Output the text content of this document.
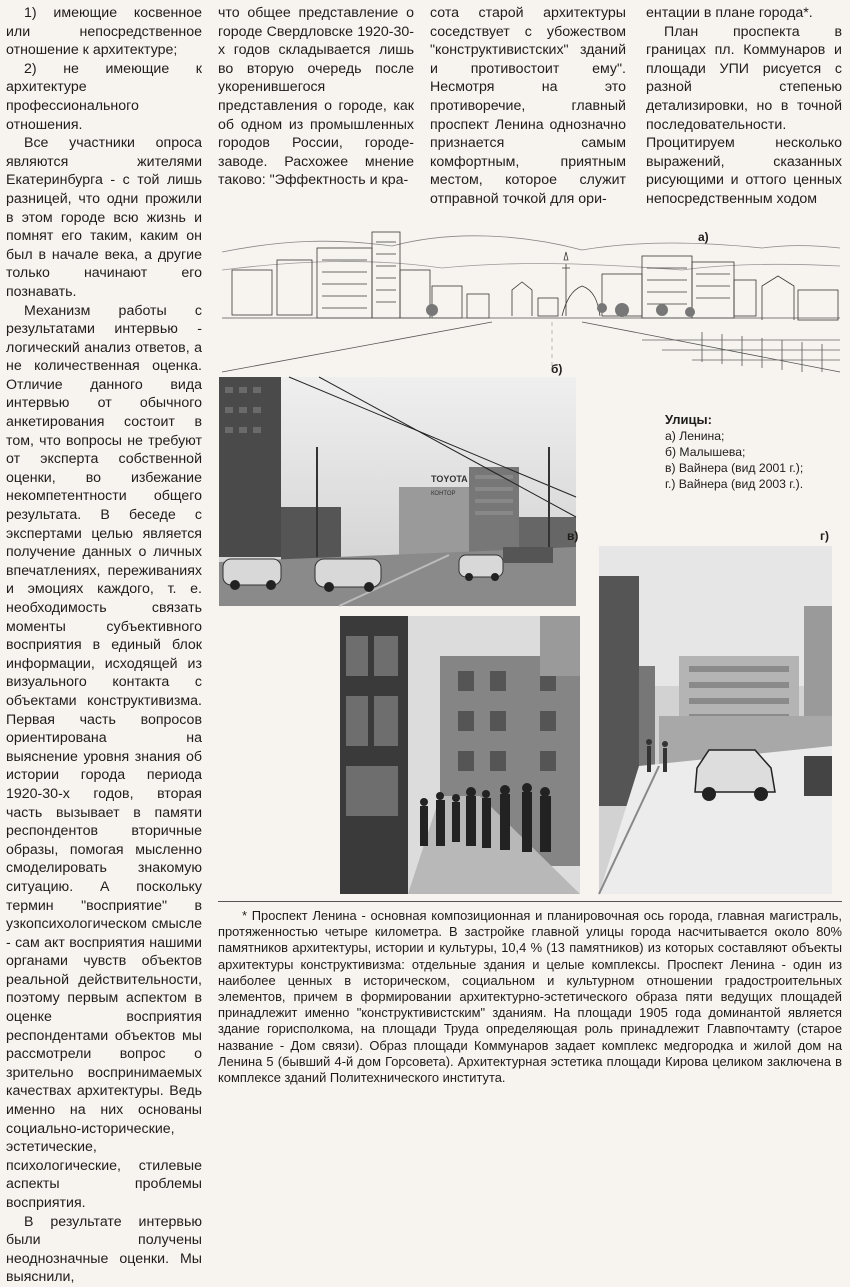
1) имеющие косвенное или непосредственное отношение к архитектуре;

2) не имеющие к архитектуре профессионального отношения.

Все участники опроса являются жителями Екатеринбурга - с той лишь разницей, что одни прожили в этом городе всю жизнь и помнят его таким, каким он был в начале века, а другие только начинают его познавать.

Механизм работы с результатами интервью - логический анализ ответов, а не количественная оценка. Отличие данного вида интервью от обычного анкетирования состоит в том, что вопросы не требуют от эксперта собственной оценки, во избежание некомпетентности общего результата. В беседе с экспертами целью является получение данных о личных впечатлениях, переживаниях и эмоциях каждого, т. е. необходимость связать моменты субъективного восприятия в единый блок информации, исходящей из визуального контакта с объектами конструктивизма. Первая часть вопросов ориентирована на выяснение уровня знания об истории города периода 1920-30-х годов, вторая часть вызывает в памяти респондентов вторичные образы, помогая мысленно смоделировать знакомую ситуацию. А поскольку термин "восприятие" в узкопсихологическом смысле - сам акт восприятия нашими органами чувств объектов реальной действительности, поэтому первым аспектом в оценке восприятия респондентами объектов мы рассмотрели вопрос о зрительно воспринимаемых качествах архитектуры. Ведь именно на них основаны социально-исторические, эстетические, психологические, стилевые аспекты проблемы восприятия.

В результате интервью были получены неоднозначные оценки. Мы выяснили,

что общее представление о городе Свердловске 1920-30-х годов складывается лишь во вторую очередь после укоренившегося представления о городе, как об одном из промышленных городов России, городе-заводе. Расхожее мнение таково: "Эффектность и кра-

сота старой архитектуры соседствует с убожеством "конструктивистских" зданий и противостоит ему". Несмотря на это противоречие, главный проспект Ленина однозначно признается самым комфортным, приятным местом, которое служит отправной точкой для ори-

ентации в плане города*.

План проспекта в границах пл. Коммунаров и площади УПИ рисуется с разной степенью детализировки, но в точной последовательности. Процитируем несколько выражений, сказанных рисующими и оттого ценных непосредственным ходом

а)
TOYOTA
КОНТОР
б)
в)	г)
Улицы:
а) Ленина;
б) Малышева;
в) Вайнера (вид 2001 г.);
г.) Вайнера (вид 2003 г.).

* Проспект Ленина - основная композиционная и планировочная ось города, главная магистраль, протяженностью четыре километра. В застройке главной улицы города насчитывается около 80% памятников архитектуры, истории и культуры, 10,4 % (13 памятников) из которых составляют объекты архитектуры конструктивизма: отдельные здания и целые комплексы. Проспект Ленина - один из наиболее ценных в историческом, социальном и культурном отношении градостроительных элементов, причем в формировании архитектурно-эстетического образа пяти ведущих площадей принадлежит именно "конструктивистским" зданиям. На площади 1905 года доминантой является здание горисполкома, на площади Труда определяющая роль принадлежит Главпочтамту (старое название - Дом связи). Образ площади Коммунаров задает комплекс медгородка и жилой дом на Ленина 5 (бывший 4-й дом Горсовета). Архитектурная эстетика площади Кирова целиком заключена в комплексе зданий Политехнического института.
